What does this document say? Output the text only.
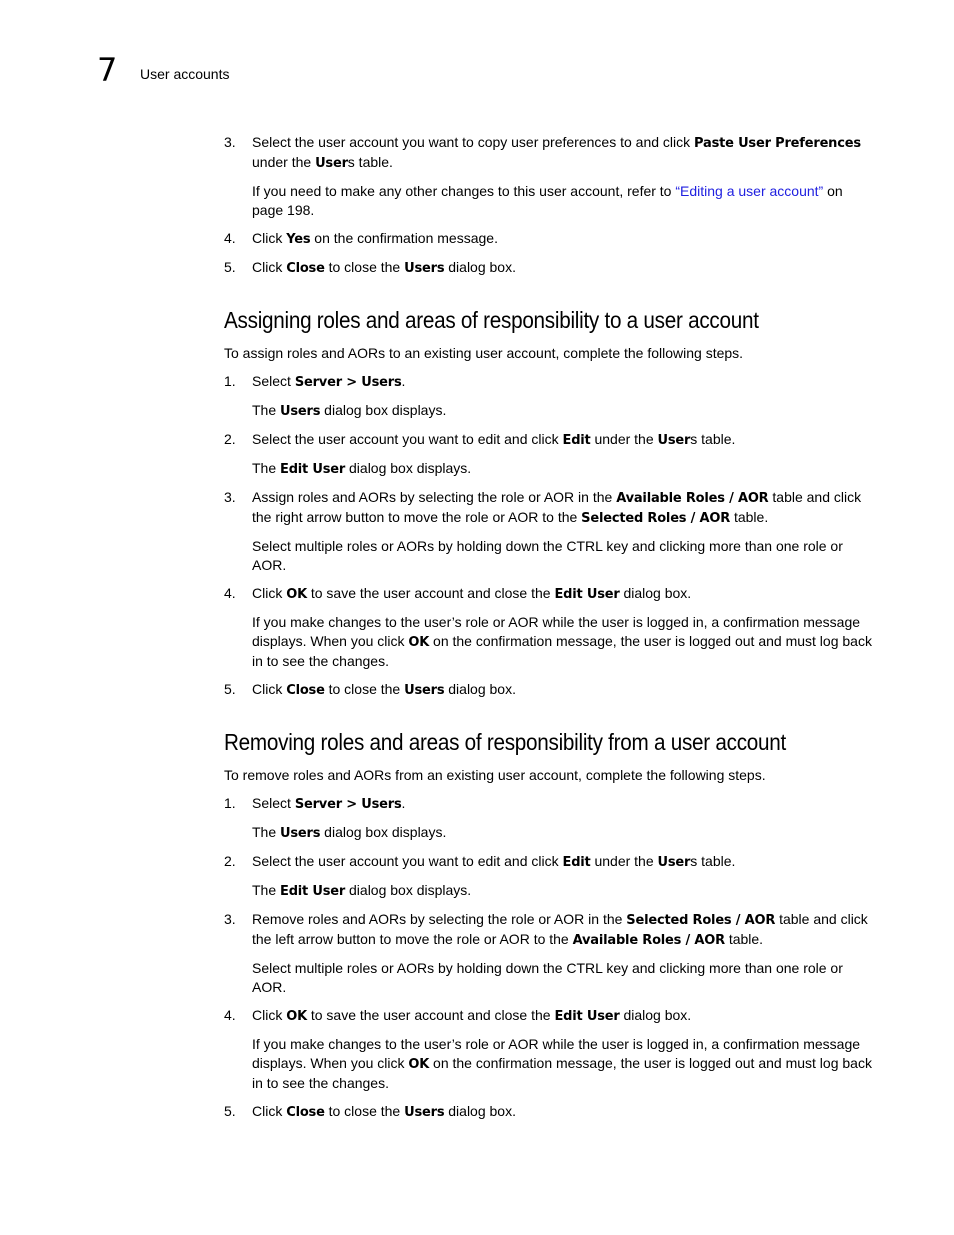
7 User accounts
3.	Select the user account you want to copy user preferences to and click Paste User Preferences under the Users table.
If you need to make any other changes to this user account, refer to “Editing a user account” on page 198.
4.	Click Yes on the confirmation message.
5.	Click Close to close the Users dialog box.
Assigning roles and areas of responsibility to a user account
To assign roles and AORs to an existing user account, complete the following steps.
1.	Select Server > Users.
The Users dialog box displays.
2.	Select the user account you want to edit and click Edit under the Users table.
The Edit User dialog box displays.
3.	Assign roles and AORs by selecting the role or AOR in the Available Roles / AOR table and click the right arrow button to move the role or AOR to the Selected Roles / AOR table.
Select multiple roles or AORs by holding down the CTRL key and clicking more than one role or AOR.
4.	Click OK to save the user account and close the Edit User dialog box.
If you make changes to the user’s role or AOR while the user is logged in, a confirmation message displays. When you click OK on the confirmation message, the user is logged out and must log back in to see the changes.
5.	Click Close to close the Users dialog box.
Removing roles and areas of responsibility from a user account
To remove roles and AORs from an existing user account, complete the following steps.
1.	Select Server > Users.
The Users dialog box displays.
2.	Select the user account you want to edit and click Edit under the Users table.
The Edit User dialog box displays.
3.	Remove roles and AORs by selecting the role or AOR in the Selected Roles / AOR table and click the left arrow button to move the role or AOR to the Available Roles / AOR table.
Select multiple roles or AORs by holding down the CTRL key and clicking more than one role or AOR.
4.	Click OK to save the user account and close the Edit User dialog box.
If you make changes to the user’s role or AOR while the user is logged in, a confirmation message displays. When you click OK on the confirmation message, the user is logged out and must log back in to see the changes.
5.	Click Close to close the Users dialog box.
